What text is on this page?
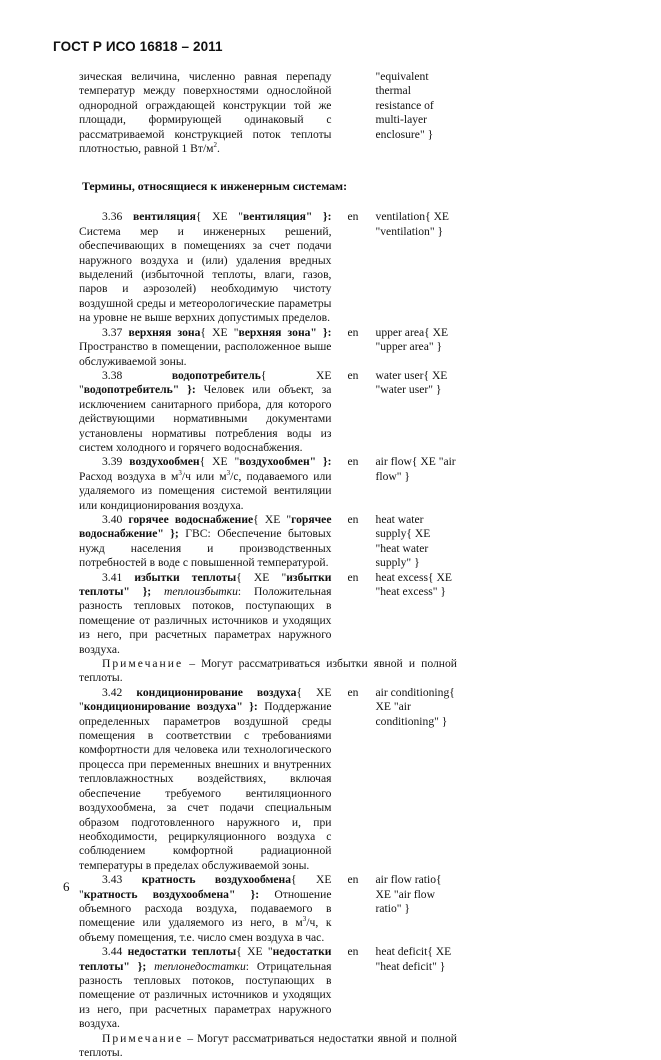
ГОСТ Р ИСО 16818 – 2011
зическая величина, численно равная перепаду температур между поверхностями однослойной однородной ограждающей конструкции той же площади, формирующей одинаковый с рассматриваемой конструкцией поток теплоты плотностью, равной 1 $Вт/м^2$.
"equivalent thermal resistance of multi-layer enclosure" }

Термины, относящиеся к инженерным системам:

3.36 вентиляция{ XE "вентиляция" }: Система мер и инженерных решений, обеспечивающих в помещениях за счет подачи наружного воздуха и (или) удаления вредных выделений (избыточной теплоты, влаги, газов, паров и аэрозолей) необходимую чистоту воздушной среды и метеорологические параметры на уровне не выше верхних допустимых пределов.
en	ventilation{ XE "ventilation" }
3.37 верхняя зона{ XE "верхняя зона" }: Пространство в помещении, расположенное выше обслуживаемой зоны.
en	upper area{ XE "upper area" }
3.38 водопотребитель{ XE "водопотребитель" }: Человек или объект, за исключением санитарного прибора, для которого действующими нормативными документами установлены нормативы потребления воды из систем холодного и горячего водоснабжения.
en	water user{ XE "water user" }
3.39 воздухообмен{ XE "воздухообмен" }: Расход воздуха в $м^3/ч$ или $м^3/с$, подаваемого или удаляемого из помещения системой вентиляции или кондиционирования воздуха.
en	air flow{ XE "air flow" }
3.40 горячее водоснабжение{ XE "горячее водоснабжение" }; ГВС: Обеспечение бытовых нужд населения и производственных потребностей в воде с повышенной температурой.
en	heat water supply{ XE "heat water supply" }
3.41 избытки теплоты{ XE "избытки теплоты" }; теплоизбытки: Положительная разность тепловых потоков, поступающих в помещение от различных источников и уходящих из него, при расчетных параметрах наружного воздуха.
en	heat excess{ XE "heat excess" }
Примечание – Могут рассматриваться избытки явной и полной теплоты.
3.42 кондиционирование воздуха{ XE "кондиционирование воздуха" }: Поддержание определенных параметров воздушной среды помещения в соответствии с требованиями комфортности для человека или технологического процесса при переменных внешних и внутренних тепловлажностных воздействиях, включая обеспечение требуемого вентиляционного воздухообмена, за счет подачи специальным образом подготовленного наружного и, при необходимости, рециркуляционного воздуха с соблюдением комфортной радиационной температуры в пределах обслуживаемой зоны.
en	air conditioning{ XE "air conditioning" }
3.43 кратность воздухообмена{ XE "кратность воздухообмена" }: Отношение объемного расхода воздуха, подаваемого в помещение или удаляемого из него, в $м^3/ч$, к объему помещения, т.е. число смен воздуха в час.
en	air flow ratio{ XE "air flow ratio" }
3.44 недостатки теплоты{ XE "недостатки теплоты" }; теплонедостатки: Отрицательная разность тепловых потоков, поступающих в помещение от различных источников и уходящих из него, при расчетных параметрах наружного воздуха.
en	heat deficit{ XE "heat deficit" }
Примечание – Могут рассматриваться недостатки явной и полной теплоты.
6
